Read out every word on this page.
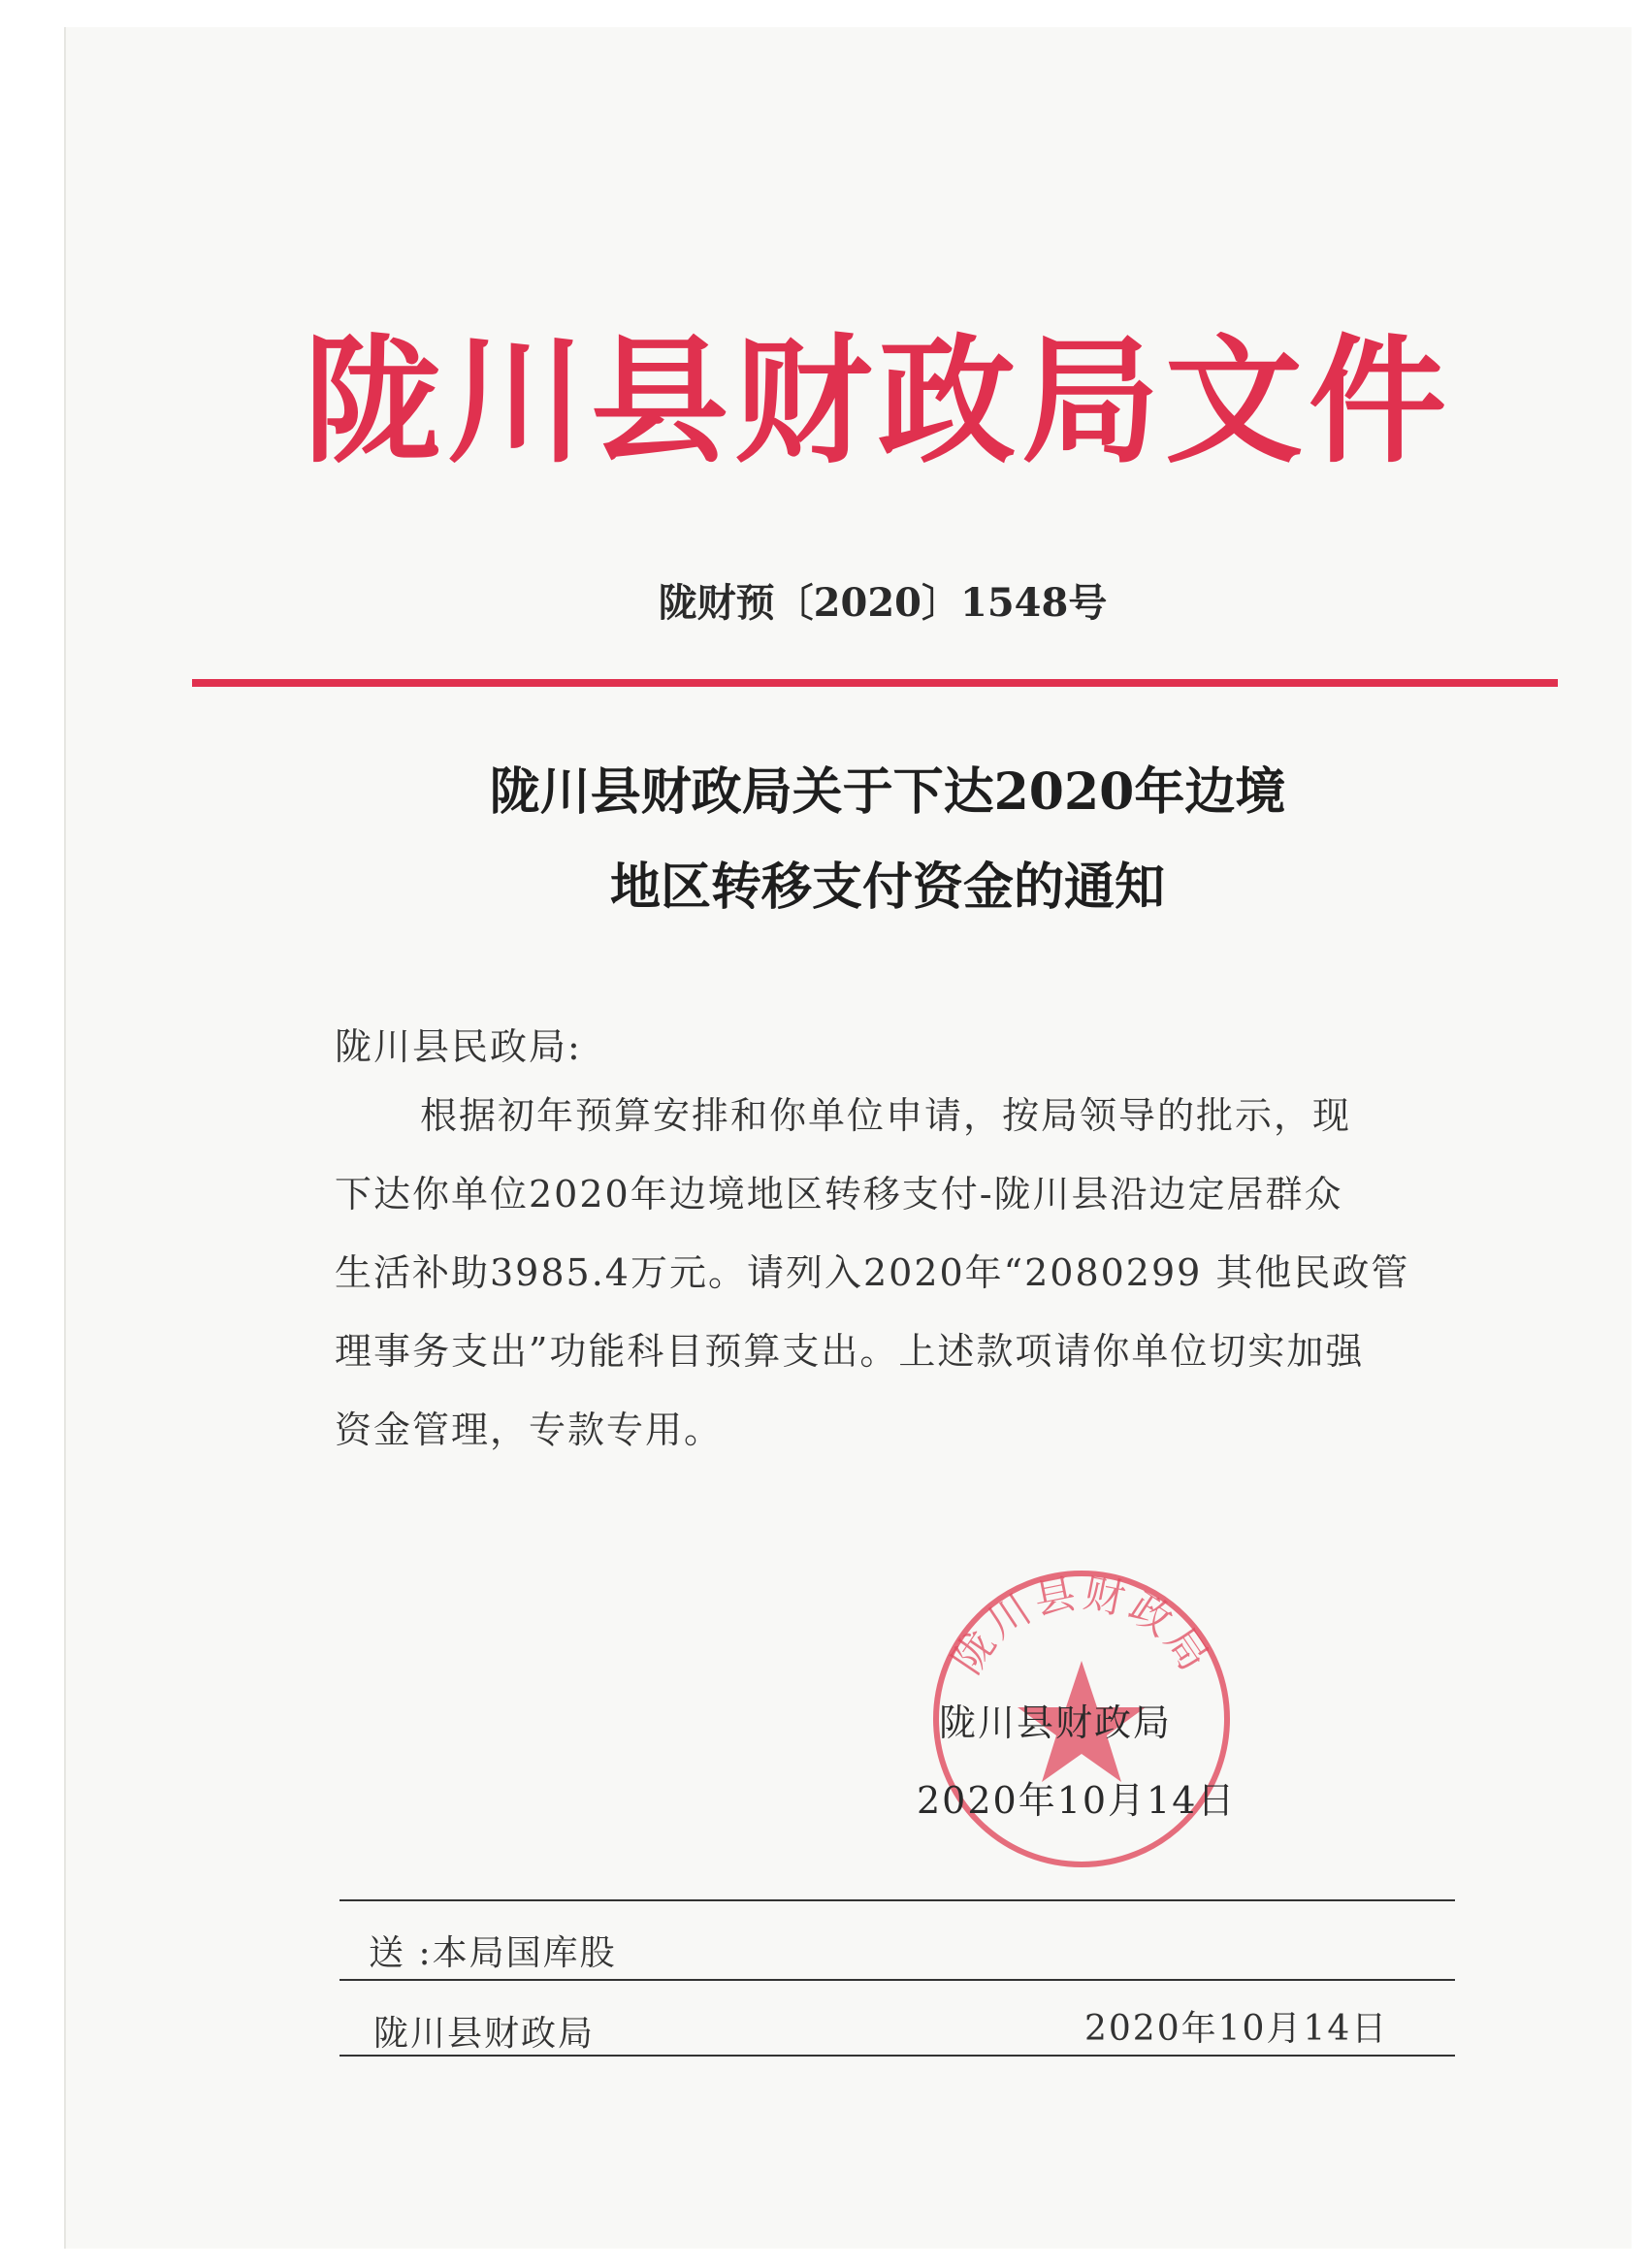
陇川县财政局文件
陇财预〔2020〕1548号
陇川县财政局关于下达2020年边境
地区转移支付资金的通知
陇川县民政局:
根据初年预算安排和你单位申请，按局领导的批示，现
下达你单位2020年边境地区转移支付-陇川县沿边定居群众
生活补助3985.4万元。请列入2020年“2080299 其他民政管
理事务支出”功能科目预算支出。上述款项请你单位切实加强
资金管理，专款专用。
陇川县财政局
陇川县财政局
2020年10月14日
送 :本局国库股
陇川县财政局	2020年10月14日
